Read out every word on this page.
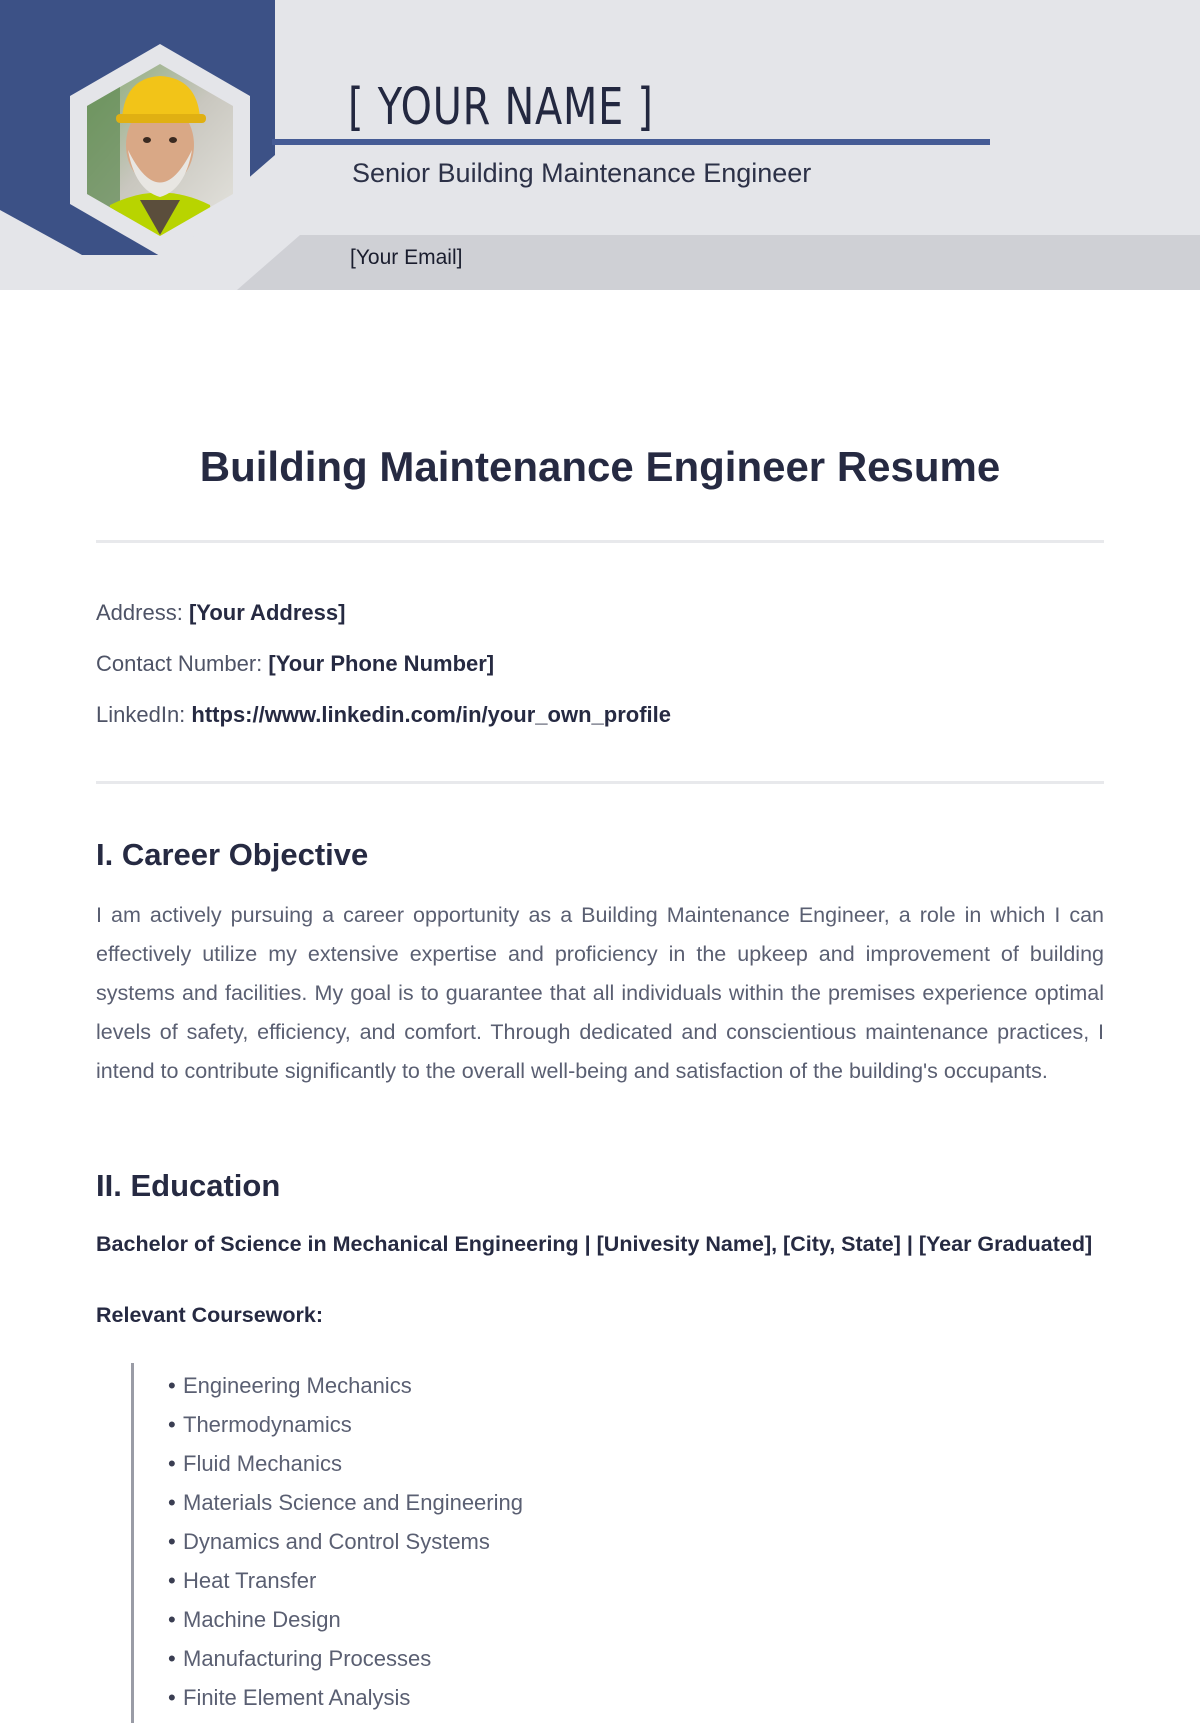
[ YOUR NAME ]
Senior Building Maintenance Engineer
[Your Email]
Building Maintenance Engineer Resume
Address: [Your Address]
Contact Number: [Your Phone Number]
LinkedIn: https://www.linkedin.com/in/your_own_profile
I. Career Objective

I am actively pursuing a career opportunity as a Building Maintenance Engineer, a role in which I can effectively utilize my extensive expertise and proficiency in the upkeep and improvement of building systems and facilities. My goal is to guarantee that all individuals within the premises experience optimal levels of safety, efficiency, and comfort. Through dedicated and conscientious maintenance practices, I intend to contribute significantly to the overall well-being and satisfaction of the building's occupants.

II. Education

Bachelor of Science in Mechanical Engineering | [Univesity Name], [City, State] | [Year Graduated]

Relevant Coursework:

• Engineering Mechanics
• Thermodynamics
• Fluid Mechanics
• Materials Science and Engineering
• Dynamics and Control Systems
• Heat Transfer
• Machine Design
• Manufacturing Processes
• Finite Element Analysis
